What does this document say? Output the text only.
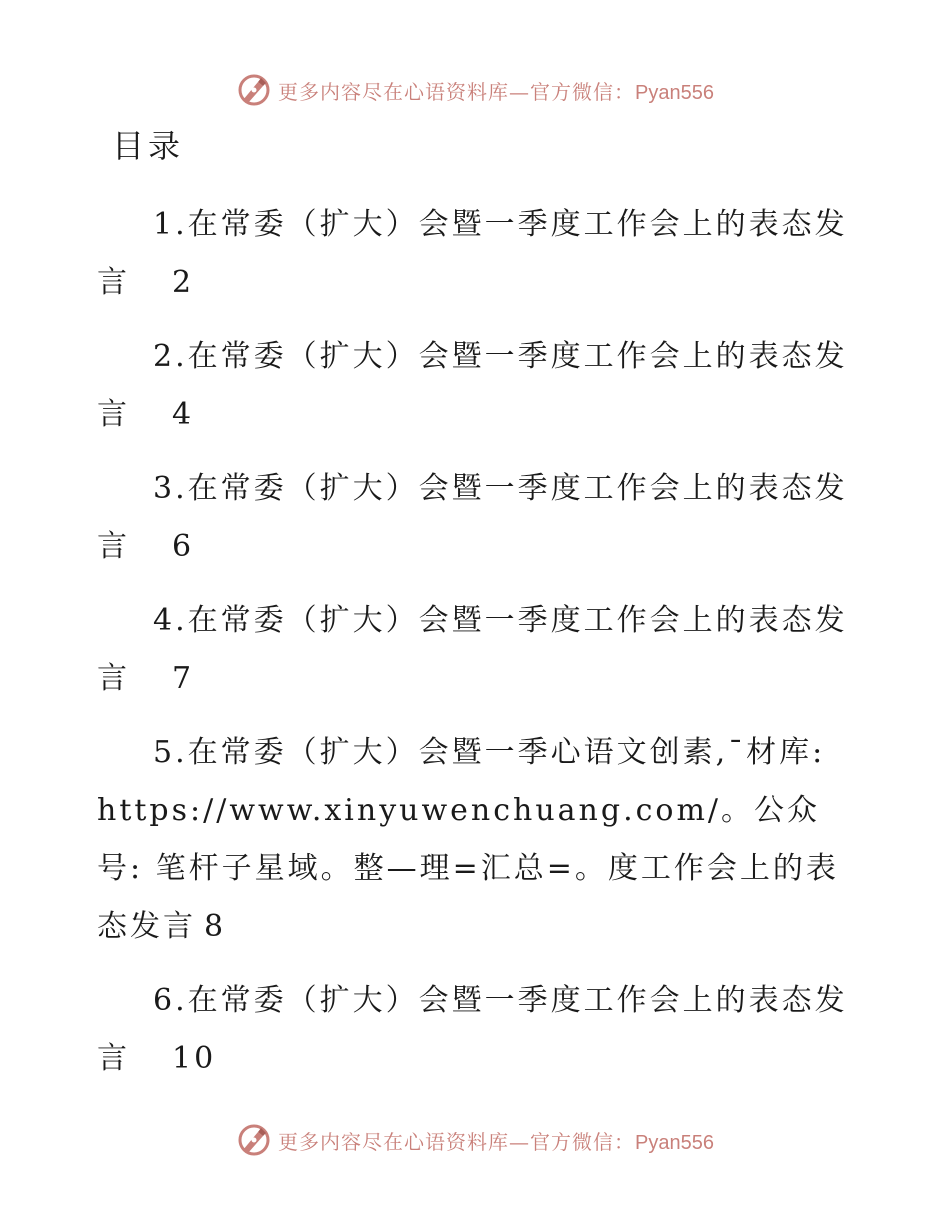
更多内容尽在心语资料库—官方微信：Pyan556
目录
1.在常委（扩大）会暨一季度工作会上的表态发言 2
2.在常委（扩大）会暨一季度工作会上的表态发言 4
3.在常委（扩大）会暨一季度工作会上的表态发言 6
4.在常委（扩大）会暨一季度工作会上的表态发言 7
5.在常委（扩大）会暨一季心语文创素,¯材库: https://www.xinyuwenchuang.com/。公众号: 笔杆子星域。整—理=汇总=。度工作会上的表态发言 8
6.在常委（扩大）会暨一季度工作会上的表态发言 10
更多内容尽在心语资料库—官方微信：Pyan556
